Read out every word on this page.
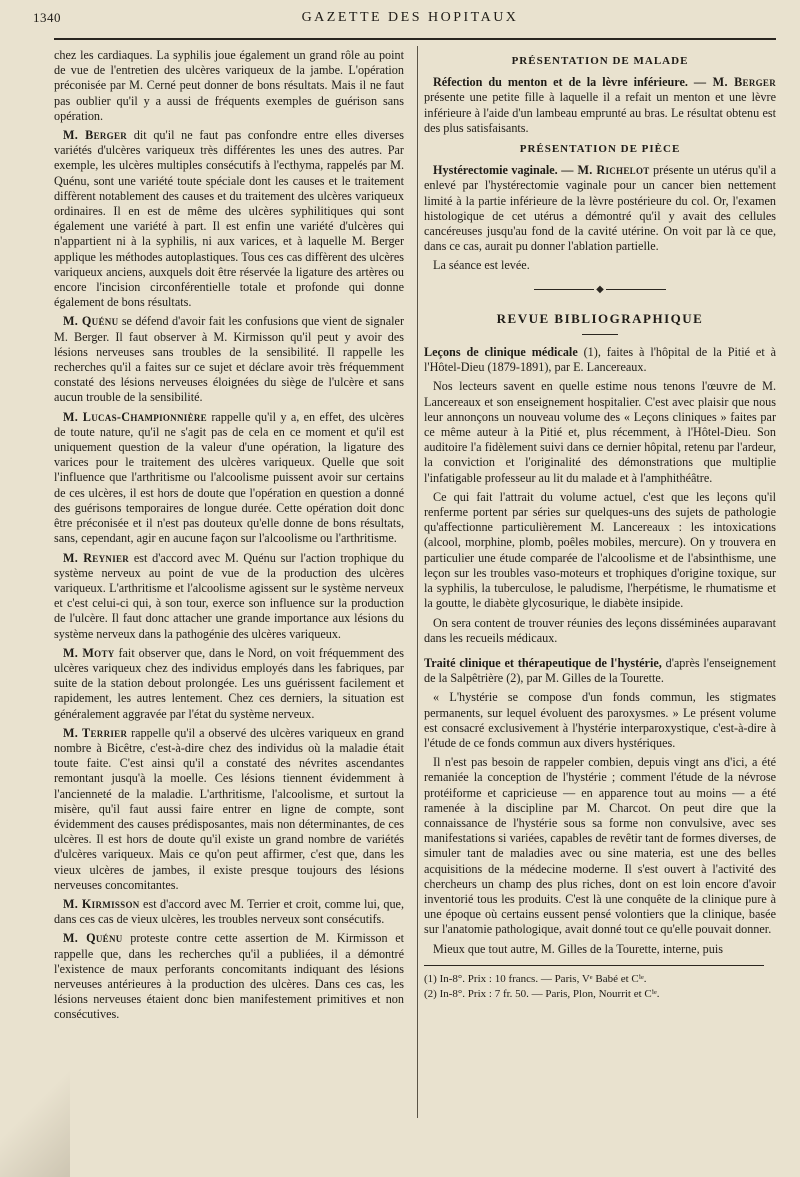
1340	GAZETTE DES HOPITAUX

chez les cardiaques. La syphilis joue également un grand rôle au point de vue de l'entretien des ulcères variqueux de la jambe. L'opération préconisée par M. Cerné peut donner de bons résultats. Mais il ne faut pas oublier qu'il y a aussi de fréquents exemples de guérison sans opération.

M. Berger dit qu'il ne faut pas confondre entre elles diverses variétés d'ulcères variqueux très différentes les unes des autres. Par exemple, les ulcères multiples consécutifs à l'ecthyma, rappelés par M. Quénu, sont une variété toute spéciale dont les causes et le traitement diffèrent notablement des causes et du traitement des ulcères variqueux ordinaires. Il en est de même des ulcères syphilitiques qui sont également une variété à part. Il est enfin une variété d'ulcères qui n'appartient ni à la syphilis, ni aux varices, et à laquelle M. Berger applique les méthodes autoplastiques. Tous ces cas diffèrent des ulcères variqueux anciens, auxquels doit être réservée la ligature des artères ou encore l'incision circonférentielle totale et profonde qui donne également de bons résultats.

M. Quénu se défend d'avoir fait les confusions que vient de signaler M. Berger. Il faut observer à M. Kirmisson qu'il peut y avoir des lésions nerveuses sans troubles de la sensibilité. Il rappelle les recherches qu'il a faites sur ce sujet et déclare avoir très fréquemment constaté des lésions nerveuses éloignées du siège de l'ulcère et sans aucun trouble de la sensibilité.

M. Lucas-Championnière rappelle qu'il y a, en effet, des ulcères de toute nature, qu'il ne s'agit pas de cela en ce moment et qu'il est uniquement question de la valeur d'une opération, la ligature des varices pour le traitement des ulcères variqueux. Quelle que soit l'influence que l'arthritisme ou l'alcoolisme puissent avoir sur certains de ces ulcères, il est hors de doute que l'opération en question a donné des guérisons temporaires de longue durée. Cette opération doit donc être préconisée et il n'est pas douteux qu'elle donne de bons résultats, sans, cependant, agir en aucune façon sur l'alcoolisme ou l'arthritisme.

M. Reynier est d'accord avec M. Quénu sur l'action trophique du système nerveux au point de vue de la production des ulcères variqueux. L'arthritisme et l'alcoolisme agissent sur le système nerveux et c'est celui-ci qui, à son tour, exerce son influence sur la production de l'ulcère. Il faut donc attacher une grande importance aux lésions du système nerveux dans la pathogénie des ulcères variqueux.

M. Moty fait observer que, dans le Nord, on voit fréquemment des ulcères variqueux chez des individus employés dans les fabriques, par suite de la station debout prolongée. Les uns guérissent facilement et rapidement, les autres lentement. Chez ces derniers, la situation est généralement aggravée par l'état du système nerveux.

M. Terrier rappelle qu'il a observé des ulcères variqueux en grand nombre à Bicêtre, c'est-à-dire chez des individus où la maladie était toute faite. C'est ainsi qu'il a constaté des névrites ascendantes remontant jusqu'à la moelle. Ces lésions tiennent évidemment à l'ancienneté de la maladie. L'arthritisme, l'alcoolisme, et surtout la misère, qu'il faut aussi faire entrer en ligne de compte, sont évidemment des causes prédisposantes, mais non déterminantes, de ces ulcères. Il est hors de doute qu'il existe un grand nombre de variétés d'ulcères variqueux. Mais ce qu'on peut affirmer, c'est que, dans les vieux ulcères de jambes, il existe presque toujours des lésions nerveuses concomitantes.

M. Kirmisson est d'accord avec M. Terrier et croit, comme lui, que, dans ces cas de vieux ulcères, les troubles nerveux sont consécutifs.

M. Quénu proteste contre cette assertion de M. Kirmisson et rappelle que, dans les recherches qu'il a publiées, il a démontré l'existence de maux perforants concomitants indiquant des lésions nerveuses antérieures à la production des ulcères. Dans ces cas, les lésions nerveuses étaient donc bien manifestement primitives et non consécutives.

PRÉSENTATION DE MALADE

Réfection du menton et de la lèvre inférieure. — M. Berger présente une petite fille à laquelle il a refait un menton et une lèvre inférieure à l'aide d'un lambeau emprunté au bras. Le résultat obtenu est des plus satisfaisants.

PRÉSENTATION DE PIÈCE

Hystérectomie vaginale. — M. Richelot présente un utérus qu'il a enlevé par l'hystérectomie vaginale pour un cancer bien nettement limité à la partie inférieure de la lèvre postérieure du col. Or, l'examen histologique de cet utérus a démontré qu'il y avait des cellules cancéreuses jusqu'au fond de la cavité utérine. On voit par là ce que, dans ce cas, aurait pu donner l'ablation partielle.

La séance est levée.

◆
REVUE BIBLIOGRAPHIQUE

Leçons de clinique médicale (1), faites à l'hôpital de la Pitié et à l'Hôtel-Dieu (1879-1891), par E. Lancereaux.

Nos lecteurs savent en quelle estime nous tenons l'œuvre de M. Lancereaux et son enseignement hospitalier. C'est avec plaisir que nous leur annonçons un nouveau volume des « Leçons cliniques » faites par ce même auteur à la Pitié et, plus récemment, à l'Hôtel-Dieu. Son auditoire l'a fidèlement suivi dans ce dernier hôpital, retenu par l'ardeur, la conviction et l'originalité des démonstrations que multiplie l'infatigable professeur au lit du malade et à l'amphithéâtre.

Ce qui fait l'attrait du volume actuel, c'est que les leçons qu'il renferme portent par séries sur quelques-uns des sujets de pathologie qu'affectionne particulièrement M. Lancereaux : les intoxications (alcool, morphine, plomb, poêles mobiles, mercure). On y trouvera en particulier une étude comparée de l'alcoolisme et de l'absinthisme, une leçon sur les troubles vaso-moteurs et trophiques d'origine toxique, sur la syphilis, la tuberculose, le paludisme, l'herpétisme, le rhumatisme et la goutte, le diabète glycosurique, le diabète insipide.

On sera content de trouver réunies des leçons disséminées auparavant dans les recueils médicaux.

Traité clinique et thérapeutique de l'hystérie, d'après l'enseignement de la Salpêtrière (2), par M. Gilles de la Tourette.

« L'hystérie se compose d'un fonds commun, les stigmates permanents, sur lequel évoluent des paroxysmes. » Le présent volume est consacré exclusivement à l'hystérie interparoxystique, c'est-à-dire à l'étude de ce fonds commun aux divers hystériques.

Il n'est pas besoin de rappeler combien, depuis vingt ans d'ici, a été remaniée la conception de l'hystérie ; comment l'étude de la névrose protéiforme et capricieuse — en apparence tout au moins — a été ramenée à la discipline par M. Charcot. On peut dire que la connaissance de l'hystérie sous sa forme non convulsive, avec ses manifestations si variées, capables de revêtir tant de formes diverses, de simuler tant de maladies avec ou sine materia, est une des belles acquisitions de la médecine moderne. Il s'est ouvert à l'activité des chercheurs un champ des plus riches, dont on est loin encore d'avoir inventorié tous les produits. C'est là une conquête de la clinique pure à une époque où certains eussent pensé volontiers que la clinique, basée sur l'anatomie pathologique, avait donné tout ce qu'elle pouvait donner.

Mieux que tout autre, M. Gilles de la Tourette, interne, puis

(1) In-8°. Prix : 10 francs. — Paris, Vᵉ Babé et Cⁱᵉ.
(2) In-8°. Prix : 7 fr. 50. — Paris, Plon, Nourrit et Cⁱᵉ.
